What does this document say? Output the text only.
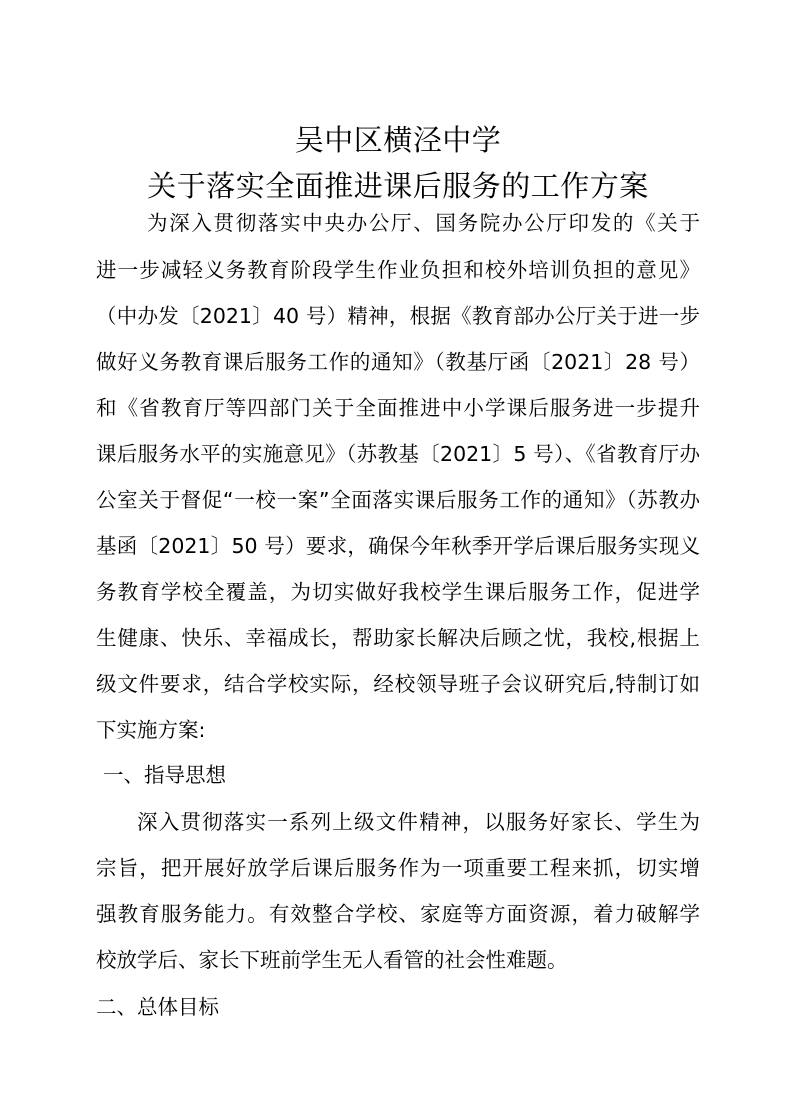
吴中区横泾中学
关于落实全面推进课后服务的工作方案
为深入贯彻落实中央办公厅、国务院办公厅印发的《关于
进一步减轻义务教育阶段学生作业负担和校外培训负担的意见》
（中办发〔2021〕40 号）精神，根据《教育部办公厅关于进一步
做好义务教育课后服务工作的通知》（教基厅函〔2021〕28 号）
和《省教育厅等四部门关于全面推进中小学课后服务进一步提升
课后服务水平的实施意见》（苏教基〔2021〕5 号）、《省教育厅办
公室关于督促“一校一案”全面落实课后服务工作的通知》（苏教办
基函〔2021〕50 号）要求，确保今年秋季开学后课后服务实现义
务教育学校全覆盖，为切实做好我校学生课后服务工作，促进学
生健康、快乐、幸福成长，帮助家长解决后顾之忧，我校,根据上
级文件要求，结合学校实际，经校领导班子会议研究后,特制订如
下实施方案:
一、指导思想
深入贯彻落实一系列上级文件精神，以服务好家长、学生为
宗旨，把开展好放学后课后服务作为一项重要工程来抓，切实增
强教育服务能力。有效整合学校、家庭等方面资源，着力破解学
校放学后、家长下班前学生无人看管的社会性难题。
二、总体目标
